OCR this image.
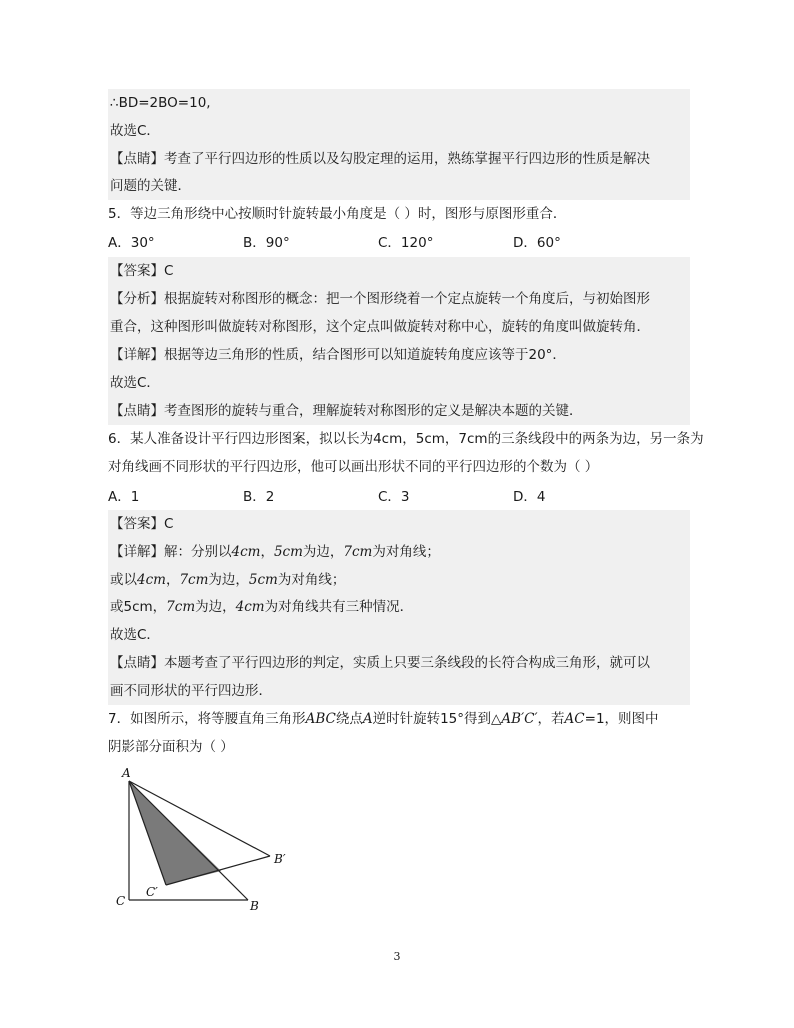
∴BD=2BO=10,
故选C．
【点睛】考查了平行四边形的性质以及勾股定理的运用，熟练掌握平行四边形的性质是解决
问题的关键．
5．等边三角形绕中心按顺时针旋转最小角度是（ ）时，图形与原图形重合．
A．30°	B．90°	C．120°	D．60°
【答案】C
【分析】根据旋转对称图形的概念：把一个图形绕着一个定点旋转一个角度后，与初始图形
重合，这种图形叫做旋转对称图形，这个定点叫做旋转对称中心，旋转的角度叫做旋转角．
【详解】根据等边三角形的性质，结合图形可以知道旋转角度应该等于20°．
故选C．
【点睛】考查图形的旋转与重合，理解旋转对称图形的定义是解决本题的关键．
6．某人准备设计平行四边形图案，拟以长为4cm，5cm，7cm的三条线段中的两条为边，另一条为
对角线画不同形状的平行四边形，他可以画出形状不同的平行四边形的个数为（ ）
A．1	B．2	C．3	D．4
【答案】C
【详解】解：分别以4cm，5cm为边，7cm为对角线；
或以4cm，7cm为边，5cm为对角线；
或5cm，7cm为边，4cm为对角线共有三种情况．
故选C．
【点睛】本题考查了平行四边形的判定，实质上只要三条线段的长符合构成三角形，就可以
画不同形状的平行四边形．
7．如图所示，将等腰直角三角形ABC绕点A逆时针旋转15°得到△AB′C′，若AC=1，则图中
阴影部分面积为（ ）
A
B
C
B′
C′
3
